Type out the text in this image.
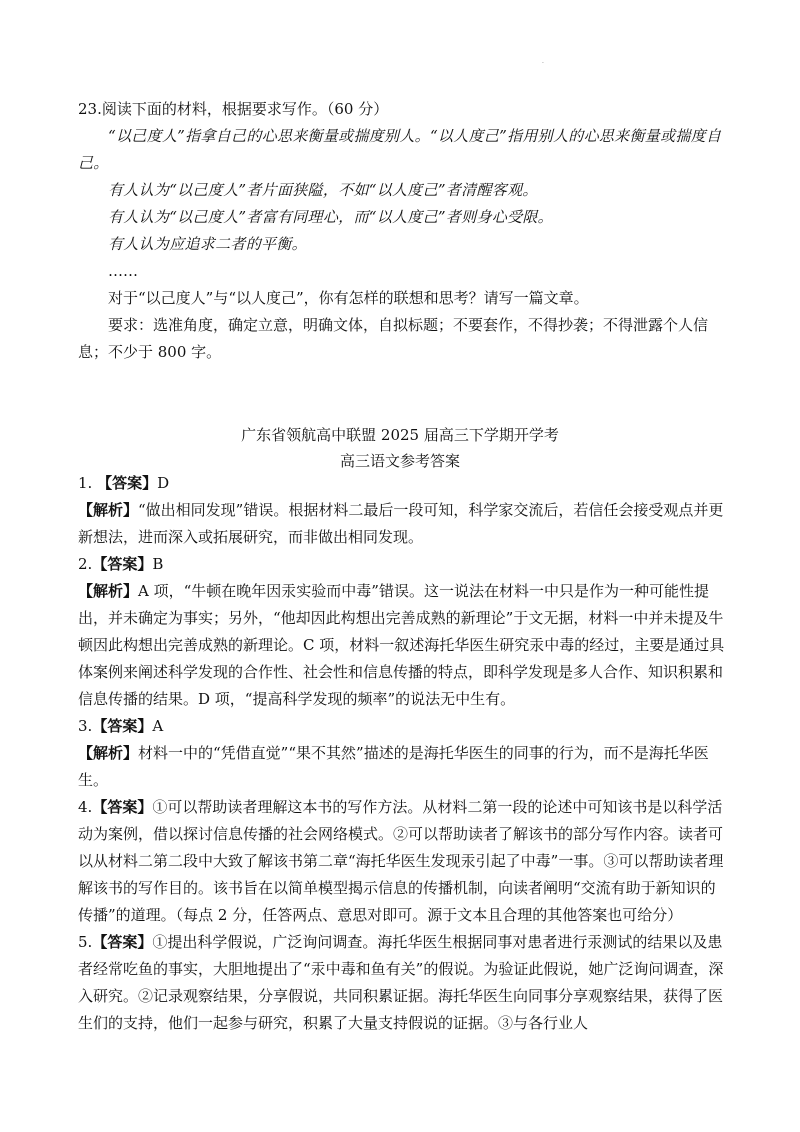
·

23.阅读下面的材料，根据要求写作。（60 分）

“以己度人”指拿自己的心思来衡量或揣度别人。“以人度己”指用别人的心思来衡量或揣度自己。

有人认为“以己度人”者片面狭隘，不如“以人度己”者清醒客观。

有人认为“以己度人”者富有同理心，而“以人度己”者则身心受限。

有人认为应追求二者的平衡。

……

对于“以己度人”与“以人度己”，你有怎样的联想和思考？请写一篇文章。

要求：选准角度，确定立意，明确文体，自拟标题；不要套作，不得抄袭；不得泄露个人信息；不少于 800 字。

广东省领航高中联盟 2025 届高三下学期开学考
高三语文参考答案

1. 【答案】D

【解析】“做出相同发现”错误。根据材料二最后一段可知，科学家交流后，若信任会接受观点并更新想法，进而深入或拓展研究，而非做出相同发现。

2.【答案】B

【解析】A 项，“牛顿在晚年因汞实验而中毒”错误。这一说法在材料一中只是作为一种可能性提出，并未确定为事实；另外，“他却因此构想出完善成熟的新理论”于文无据，材料一中并未提及牛顿因此构想出完善成熟的新理论。C 项，材料一叙述海托华医生研究汞中毒的经过，主要是通过具体案例来阐述科学发现的合作性、社会性和信息传播的特点，即科学发现是多人合作、知识积累和信息传播的结果。D 项，“提高科学发现的频率”的说法无中生有。

3.【答案】A

【解析】材料一中的“凭借直觉”“果不其然”描述的是海托华医生的同事的行为，而不是海托华医生。

4.【答案】①可以帮助读者理解这本书的写作方法。从材料二第一段的论述中可知该书是以科学活动为案例，借以探讨信息传播的社会网络模式。②可以帮助读者了解该书的部分写作内容。读者可以从材料二第二段中大致了解该书第二章“海托华医生发现汞引起了中毒”一事。③可以帮助读者理解该书的写作目的。该书旨在以简单模型揭示信息的传播机制，向读者阐明“交流有助于新知识的传播”的道理。（每点 2 分，任答两点、意思对即可。源于文本且合理的其他答案也可给分）

5.【答案】①提出科学假说，广泛询问调查。海托华医生根据同事对患者进行汞测试的结果以及患者经常吃鱼的事实，大胆地提出了“汞中毒和鱼有关”的假说。为验证此假说，她广泛询问调查，深入研究。②记录观察结果，分享假说，共同积累证据。海托华医生向同事分享观察结果，获得了医生们的支持，他们一起参与研究，积累了大量支持假说的证据。③与各行业人
